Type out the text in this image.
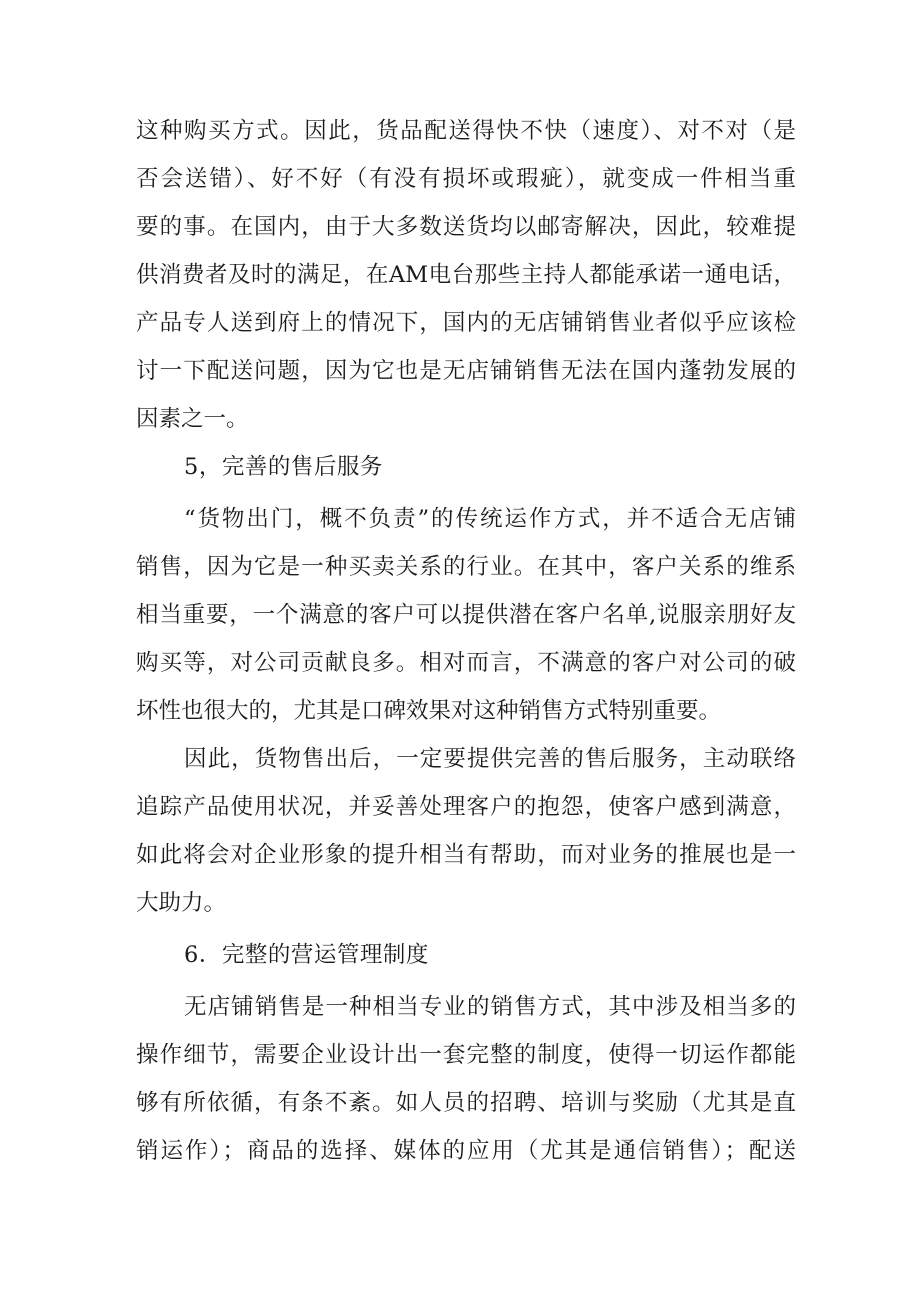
这种购买方式。因此，货品配送得快不快（速度）、对不对（是
否会送错）、好不好（有没有损坏或瑕疵），就变成一件相当重
要的事。在国内，由于大多数送货均以邮寄解决，因此，较难提
供消费者及时的满足，在AM电台那些主持人都能承诺一通电话，
产品专人送到府上的情况下，国内的无店铺销售业者似乎应该检
讨一下配送问题，因为它也是无店铺销售无法在国内蓬勃发展的
因素之一。
5，完善的售后服务
“货物出门，概不负责”的传统运作方式，并不适合无店铺
销售，因为它是一种买卖关系的行业。在其中，客户关系的维系
相当重要，一个满意的客户可以提供潜在客户名单,说服亲朋好友
购买等，对公司贡献良多。相对而言，不满意的客户对公司的破
坏性也很大的，尤其是口碑效果对这种销售方式特别重要。
因此，货物售出后，一定要提供完善的售后服务，主动联络
追踪产品使用状况，并妥善处理客户的抱怨，使客户感到满意，
如此将会对企业形象的提升相当有帮助，而对业务的推展也是一
大助力。
6．完整的营运管理制度
无店铺销售是一种相当专业的销售方式，其中涉及相当多的
操作细节，需要企业设计出一套完整的制度，使得一切运作都能
够有所依循，有条不紊。如人员的招聘、培训与奖励（尤其是直
销运作）；商品的选择、媒体的应用（尤其是通信销售）；配送
